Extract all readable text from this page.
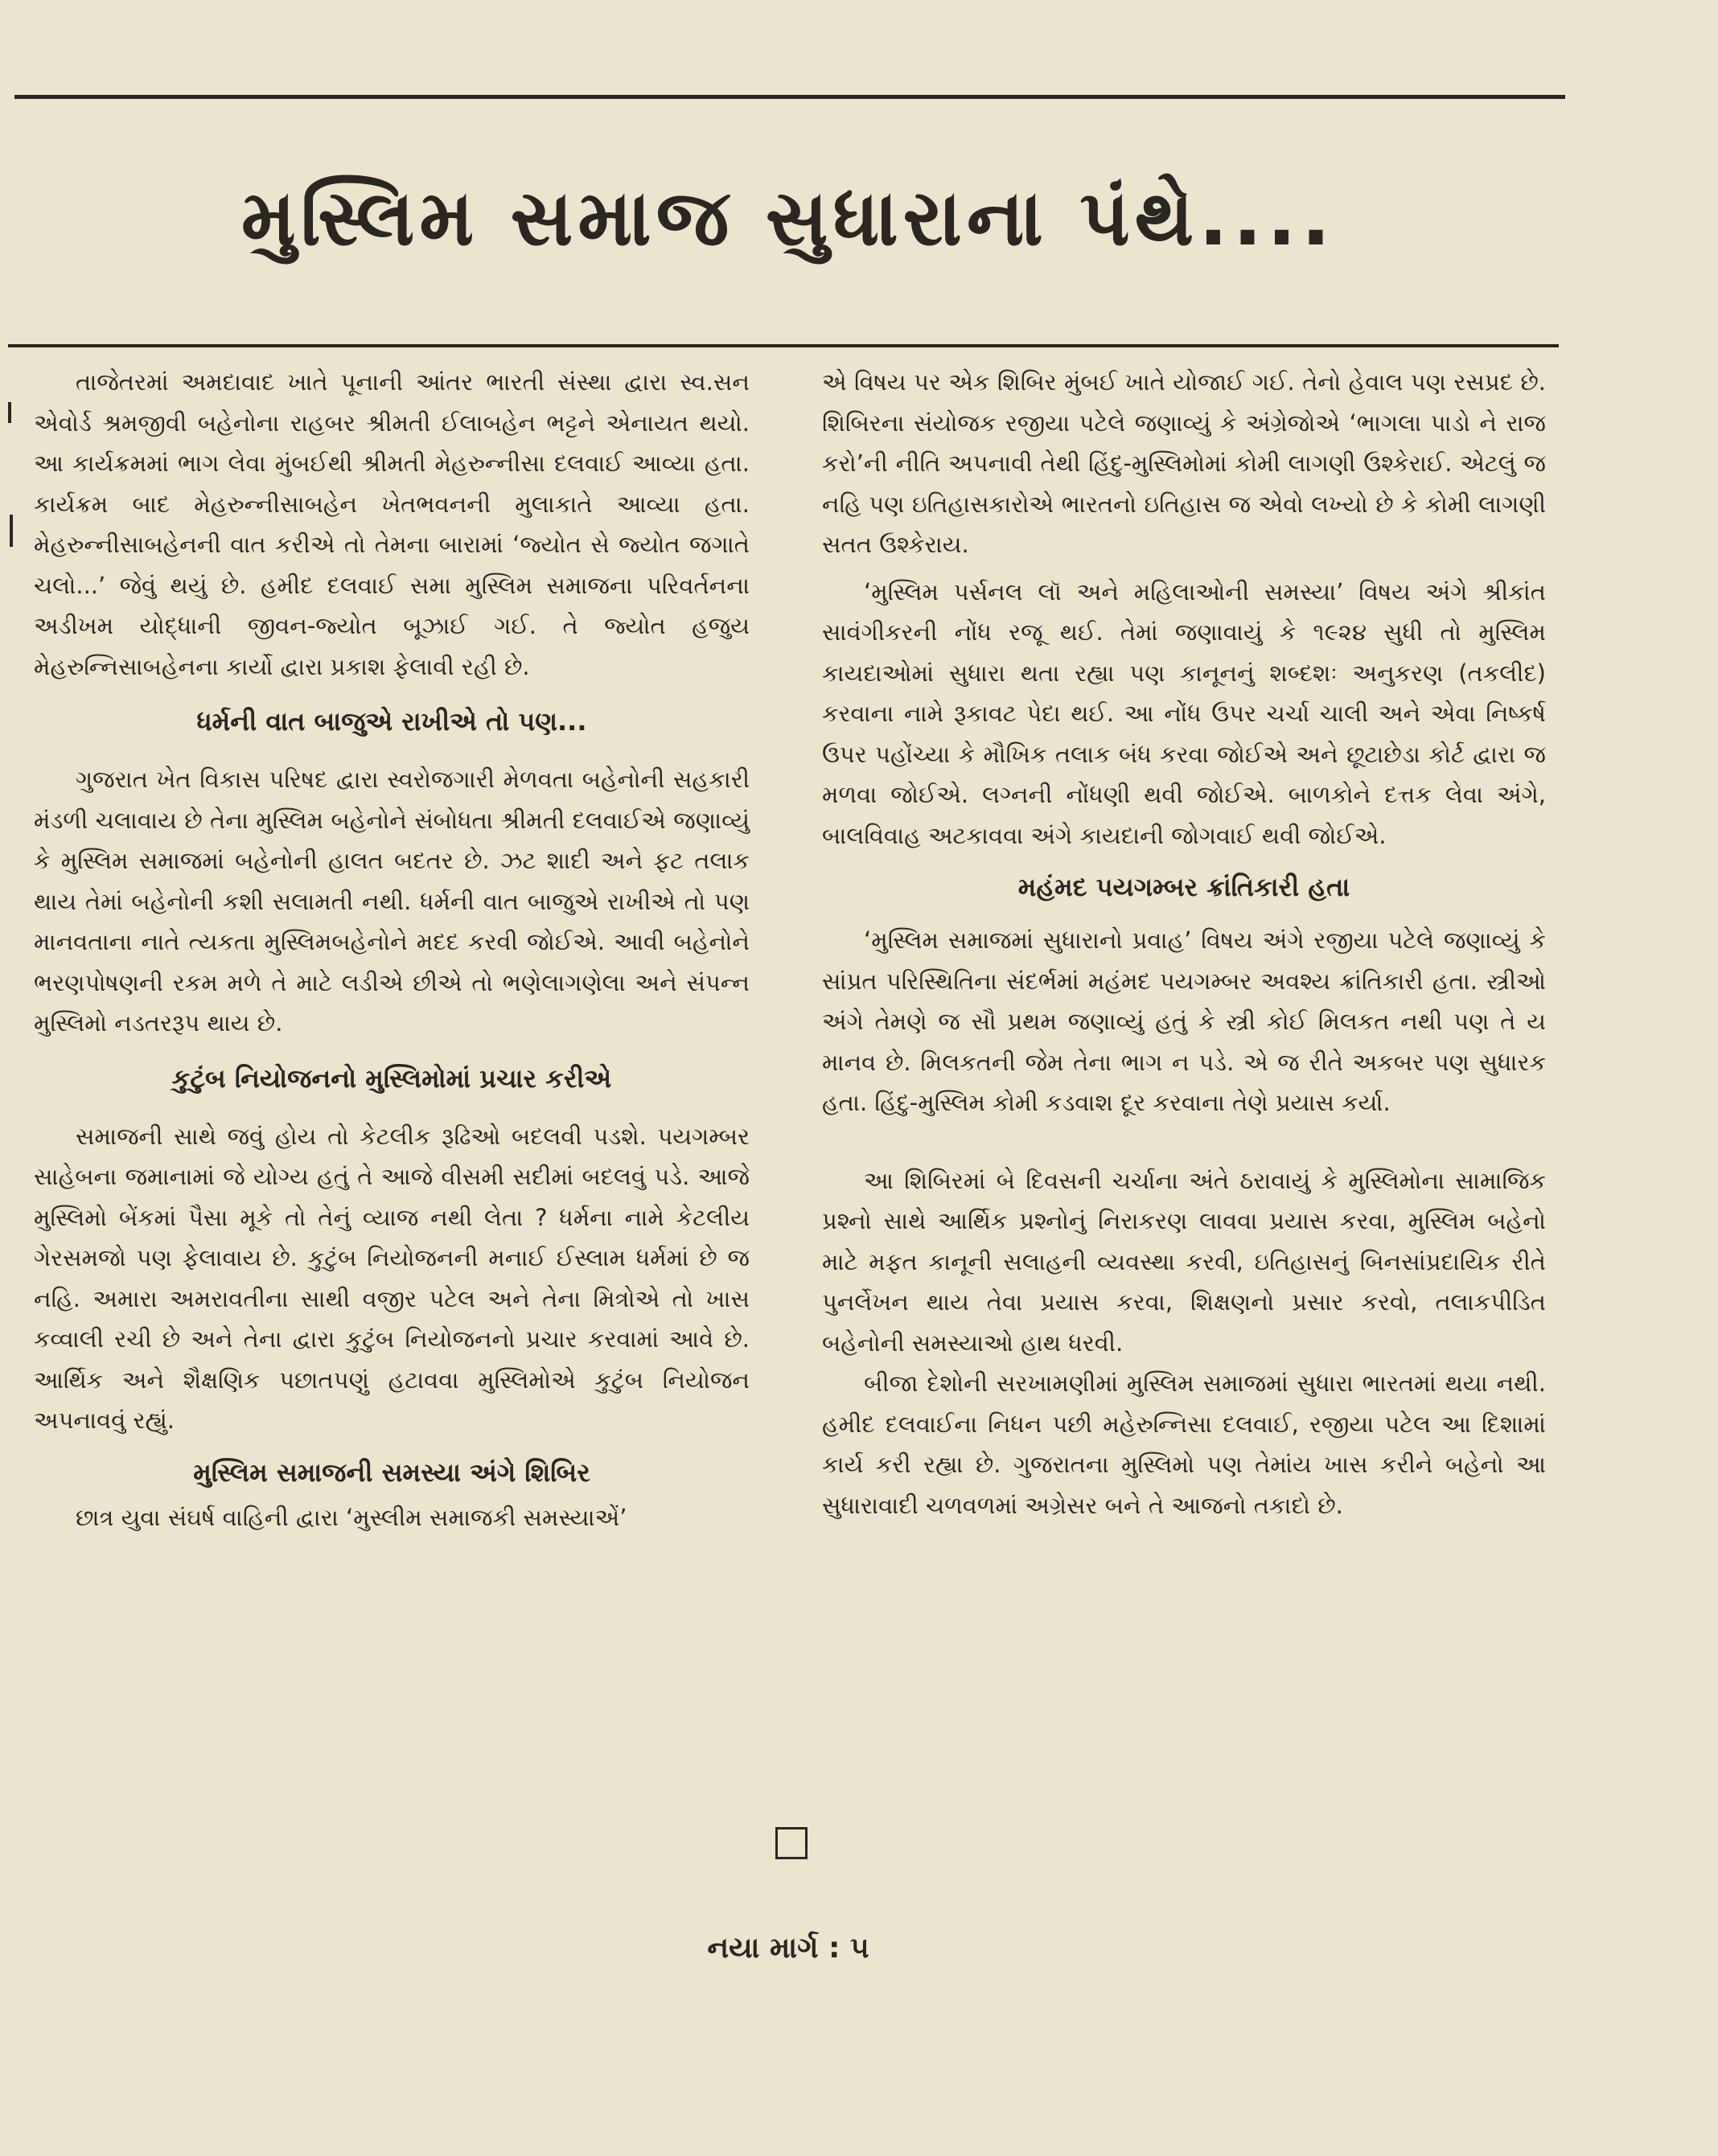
મુસ્લિમ સમાજ સુધારાના પંથે....

તાજેતરમાં અમદાવાદ ખાતે પૂનાની આંતર ભારતી સંસ્થા દ્વારા સ્વ.સન એવોર્ડ શ્રમજીવી બહેનોના રાહબર શ્રીમતી ઈલાબહેન ભટ્ટને એનાયત થયો. આ કાર્યક્રમમાં ભાગ લેવા મુંબઈથી શ્રીમતી મેહરુન્નીસા દલવાઈ આવ્યા હતા. કાર્યક્રમ બાદ મેહરુન્નીસાબહેન ખેતભવનની મુલાકાતે આવ્યા હતા. મેહરુન્નીસાબહેનની વાત કરીએ તો તેમના બારામાં ‘જ્યોત સે જ્યોત જગાતે ચલો...’ જેવું થયું છે. હમીદ દલવાઈ સમા મુસ્લિમ સમાજના પરિવર્તનના અડીખમ યોદ્ધાની જીવન-જ્યોત બૂઝાઈ ગઈ. તે જ્યોત હજુય મેહરુન્નિસાબહેનના કાર્યો દ્વારા પ્રકાશ ફેલાવી રહી છે.

ધર્મની વાત બાજુએ રાખીએ તો પણ...

ગુજરાત ખેત વિકાસ પરિષદ દ્વારા સ્વરોજગારી મેળવતા બહેનોની સહકારી મંડળી ચલાવાય છે તેના મુસ્લિમ બહેનોને સંબોધતા શ્રીમતી દલવાઈએ જણાવ્યું કે મુસ્લિમ સમાજમાં બહેનોની હાલત બદતર છે. ઝટ શાદી અને ફટ તલાક થાય તેમાં બહેનોની કશી સલામતી નથી. ધર્મની વાત બાજુએ રાખીએ તો પણ માનવતાના નાતે ત્યકતા મુસ્લિમબહેનોને મદદ કરવી જોઈએ. આવી બહેનોને ભરણપોષણની રકમ મળે તે માટે લડીએ છીએ તો ભણેલાગણેલા અને સંપન્ન મુસ્લિમો નડતરરૂપ થાય છે.

કુટુંબ નિયોજનનો મુસ્લિમોમાં પ્રચાર કરીએ

સમાજની સાથે જવું હોય તો કેટલીક રૂઢિઓ બદલવી પડશે. પયગમ્બર સાહેબના જમાનામાં જે યોગ્ય હતું તે આજે વીસમી સદીમાં બદલવું પડે. આજે મુસ્લિમો બેંકમાં પૈસા મૂકે તો તેનું વ્યાજ નથી લેતા ? ધર્મના નામે કેટલીય ગેરસમજો પણ ફેલાવાય છે. કુટુંબ નિયોજનની મનાઈ ઈસ્લામ ધર્મમાં છે જ નહિ. અમારા અમરાવતીના સાથી વજીર પટેલ અને તેના મિત્રોએ તો ખાસ કવ્વાલી રચી છે અને તેના દ્વારા કુટુંબ નિયોજનનો પ્રચાર કરવામાં આવે છે. આર્થિક અને શૈક્ષણિક પછાતપણું હટાવવા મુસ્લિમોએ કુટુંબ નિયોજન અપનાવવું રહ્યું.

મુસ્લિમ સમાજની સમસ્યા અંગે શિબિર

છાત્ર યુવા સંઘર્ષ વાહિની દ્વારા ‘મુસ્લીમ સમાજકી સમસ્યાએં’

એ વિષય પર એક શિબિર મુંબઈ ખાતે યોજાઈ ગઈ. તેનો હેવાલ પણ રસપ્રદ છે. શિબિરના સંયોજક રજીયા પટેલે જણાવ્યું કે અંગ્રેજોએ ‘ભાગલા પાડો ને રાજ કરો’ની નીતિ અપનાવી તેથી હિંદુ-મુસ્લિમોમાં કોમી લાગણી ઉશ્કેરાઈ. એટલું જ નહિ પણ ઇતિહાસકારોએ ભારતનો ઇતિહાસ જ એવો લખ્યો છે કે કોમી લાગણી સતત ઉશ્કેરાય.

‘મુસ્લિમ પર્સનલ લૉ અને મહિલાઓની સમસ્યા’ વિષય અંગે શ્રીકાંત સાવંગીકરની નોંધ રજૂ થઈ. તેમાં જણાવાયું કે ૧૯૨૪ સુધી તો મુસ્લિમ કાયદાઓમાં સુધારા થતા રહ્યા પણ કાનૂનનું શબ્દશઃ અનુકરણ (તકલીદ) કરવાના નામે રૂકાવટ પેદા થઈ. આ નોંધ ઉપર ચર્ચા ચાલી અને એવા નિષ્કર્ષ ઉપર પહોંચ્યા કે મૌખિક તલાક બંધ કરવા જોઈએ અને છૂટાછેડા કોર્ટ દ્વારા જ મળવા જોઈએ. લગ્નની નોંધણી થવી જોઈએ. બાળકોને દત્તક લેવા અંગે, બાલવિવાહ અટકાવવા અંગે કાયદાની જોગવાઈ થવી જોઈએ.

મહંમદ પયગમ્બર ક્રાંતિકારી હતા

‘મુસ્લિમ સમાજમાં સુધારાનો પ્રવાહ’ વિષય અંગે રજીયા પટેલે જણાવ્યું કે સાંપ્રત પરિસ્થિતિના સંદર્ભમાં મહંમદ પયગમ્બર અવશ્ય ક્રાંતિકારી હતા. સ્ત્રીઓ અંગે તેમણે જ સૌ પ્રથમ જણાવ્યું હતું કે સ્ત્રી કોઈ મિલકત નથી પણ તે ય માનવ છે. મિલકતની જેમ તેના ભાગ ન પડે. એ જ રીતે અકબર પણ સુધારક હતા. હિંદુ-મુસ્લિમ કોમી કડવાશ દૂર કરવાના તેણે પ્રયાસ કર્યા.

આ શિબિરમાં બે દિવસની ચર્ચાના અંતે ઠરાવાયું કે મુસ્લિમોના સામાજિક પ્રશ્નો સાથે આર્થિક પ્રશ્નોનું નિરાકરણ લાવવા પ્રયાસ કરવા, મુસ્લિમ બહેનો માટે મફત કાનૂની સલાહની વ્યવસ્થા કરવી, ઇતિહાસનું બિનસાંપ્રદાયિક રીતે પુનર્લેખન થાય તેવા પ્રયાસ કરવા, શિક્ષણનો પ્રસાર કરવો, તલાકપીડિત બહેનોની સમસ્યાઓ હાથ ધરવી.

બીજા દેશોની સરખામણીમાં મુસ્લિમ સમાજમાં સુધારા ભારતમાં થયા નથી. હમીદ દલવાઈના નિધન પછી મહેરુન્નિસા દલવાઈ, રજીયા પટેલ આ દિશામાં કાર્ય કરી રહ્યા છે. ગુજરાતના મુસ્લિમો પણ તેમાંય ખાસ કરીને બહેનો આ સુધારાવાદી ચળવળમાં અગ્રેસર બને તે આજનો તકાદો છે.

નયા માર્ગ : ૫
